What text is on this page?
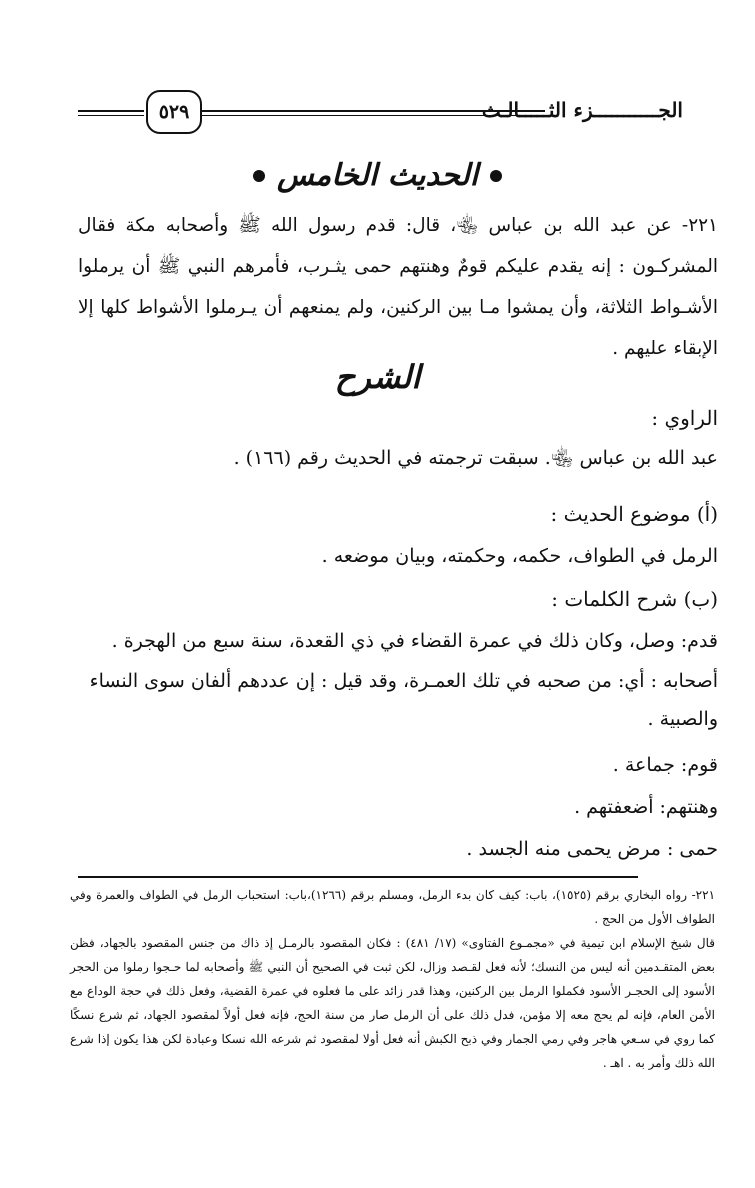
٥٢٩	الجـــــــــــزء الثـــــالـث
الحديث الخامس

٢٢١- عن عبد الله بن عباس ﵄، قال: قدم رسول الله ﷺ وأصحابه مكة فقال المشركـون : إنه يقدم عليكم قومٌ وهنتهم حمى يثـرب، فأمرهم النبي ﷺ أن يرملوا الأشـواط الثلاثة، وأن يمشوا مـا بين الركنين، ولم يمنعهم أن يـرملوا الأشواط كلها إلا الإبقاء عليهم .

الشرح

الراوي :

عبد الله بن عباس ﵄. سبقت ترجمته في الحديث رقم (١٦٦) .

(أ) موضوع الحديث :

الرمل في الطواف، حكمه، وحكمته، وبيان موضعه .

(ب) شرح الكلمات :

قدم: وصل، وكان ذلك في عمرة القضاء في ذي القعدة، سنة سبع من الهجرة .

أصحابه : أي: من صحبه في تلك العمـرة، وقد قيل : إن عددهم ألفان سوى النساء والصبية .

قوم: جماعة .

وهنتهم: أضعفتهم .

حمى : مرض يحمى منه الجسد .

٢٢١- رواه البخاري برقم (١٥٢٥)، باب: كيف كان بدء الرمل، ومسلم برقم (١٢٦٦)،باب: استحباب الرمل في الطواف والعمرة وفي الطواف الأول من الحج .

قال شيخ الإسلام ابن تيمية في «مجمـوع الفتاوى» (١٧/ ٤٨١) : فكان المقصود بالرمـل إذ ذاك من جنس المقصود بالجهاد، فظن بعض المتقـدمين أنه ليس من النسك؛ لأنه فعل لقـصد وزال، لكن ثبت في الصحيح أن النبي ﷺ وأصحابه لما حـجوا رملوا من الحجر الأسود إلى الحجـر الأسود فكملوا الرمل بين الركنين، وهذا قدر زائد على ما فعلوه في عمرة القضية، وفعل ذلك في حجة الوداع مع الأمن العام، فإنه لم يحج معه إلا مؤمن، فدل ذلك على أن الرمل صار من سنة الحج، فإنه فعل أولاً لمقصود الجهاد، ثم شرع نسكًا كما روي في سـعي هاجر وفي رمي الجمار وفي ذبح الكبش أنه فعل أولا لمقصود ثم شرعه الله نسكا وعبادة لكن هذا يكون إذا شرع الله ذلك وأمر به . اهـ .
